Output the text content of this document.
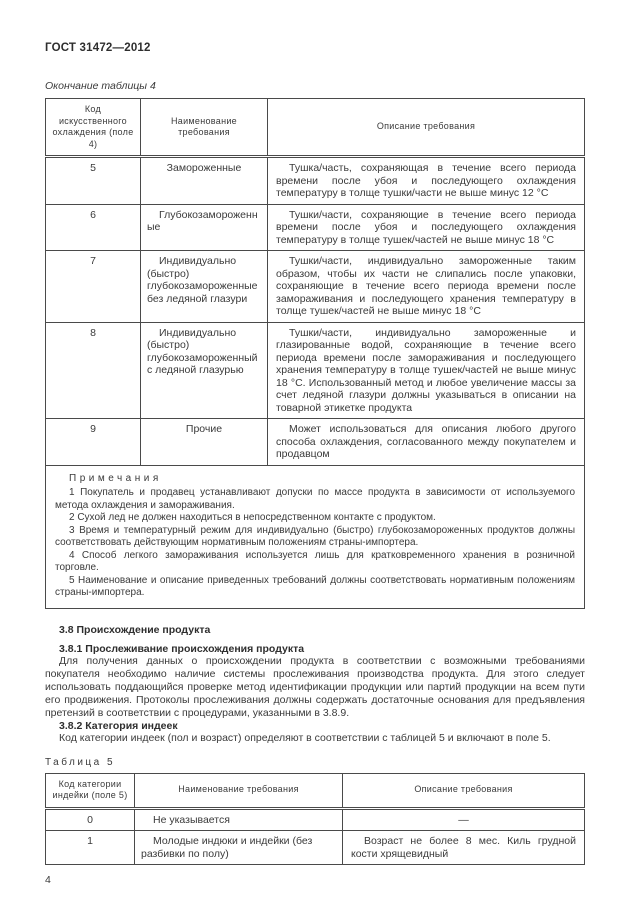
ГОСТ 31472—2012
Окончание таблицы 4
Код искусственного охлаждения (поле 4)	Наименование требования	Описание требования
5	Замороженные	Тушка/часть, сохраняющая в течение всего периода времени после убоя и последующего охлаждения температуру в толще тушки/части не выше минус 12 °С
6	Глубокозамороженные	Тушки/части, сохраняющие в течение всего периода времени после убоя и последующего охлаждения температуру в толще тушек/частей не выше минус 18 °С
7	Индивидуально (быстро) глубокозамороженные без ледяной глазури	Тушки/части, индивидуально замороженные таким образом, чтобы их части не слипались после упаковки, сохраняющие в течение всего периода времени после замораживания и последующего хранения температуру в толще тушек/частей не выше минус 18 °С
8	Индивидуально (быстро) глубокозамороженный с ледяной глазурью	Тушки/части, индивидуально замороженные и глазированные водой, сохраняющие в течение всего периода времени после замораживания и последующего хранения температуру в толще тушек/частей не выше минус 18 °С. Использованный метод и любое увеличение массы за счет ледяной глазури должны указываться в описании на товарной этикетке продукта
9	Прочие	Может использоваться для описания любого другого способа охлаждения, согласованного между покупателем и продавцом

Примечания

1 Покупатель и продавец устанавливают допуски по массе продукта в зависимости от используемого метода охлаждения и замораживания.

2 Сухой лед не должен находиться в непосредственном контакте с продуктом.

3 Время и температурный режим для индивидуально (быстро) глубокозамороженных продуктов должны соответствовать действующим нормативным положениям страны-импортера.

4 Способ легкого замораживания используется лишь для кратковременного хранения в розничной торговле.

5 Наименование и описание приведенных требований должны соответствовать нормативным положениям страны-импортера.

3.8 Происхождение продукта
3.8.1 Прослеживание происхождения продукта

Для получения данных о происхождении продукта в соответствии с возможными требованиями покупателя необходимо наличие системы прослеживания производства продукта. Для этого следует использовать поддающийся проверке метод идентификации продукции или партий продукции на всем пути его продвижения. Протоколы прослеживания должны содержать достаточные основания для предъявления претензий в соответствии с процедурами, указанными в 3.8.9.

3.8.2 Категория индеек

Код категории индеек (пол и возраст) определяют в соответствии с таблицей 5 и включают в поле 5.

Таблица 5
Код категории индейки (поле 5)	Наименование требования	Описание требования
0	Не указывается	—
1	Молодые индюки и индейки (без разбивки по полу)	Возраст не более 8 мес. Киль грудной кости хрящевидный
4
